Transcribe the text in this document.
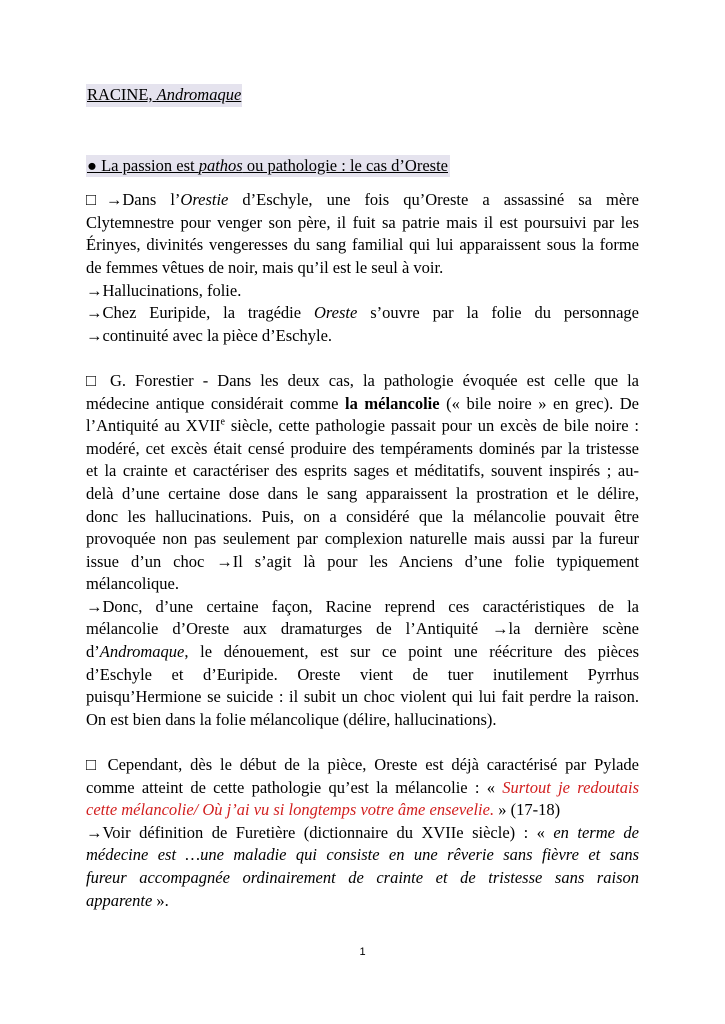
RACINE, Andromaque
● La passion est pathos ou pathologie : le cas d’Oreste
□→Dans l’Orestie d’Eschyle, une fois qu’Oreste a assassiné sa mère
Clytemnestre pour venger son père, il fuit sa patrie mais il est poursuivi par les
Érinyes, divinités vengeresses du sang familial qui lui apparaissent sous la forme
de femmes vêtues de noir, mais qu’il est le seul à voir.
→Hallucinations, folie.
→Chez Euripide, la tragédie Oreste s’ouvre par la folie du personnage
→continuité avec la pièce d’Eschyle.
□ G. Forestier - Dans les deux cas, la pathologie évoquée est celle que la
médecine antique considérait comme la mélancolie (« bile noire » en grec). De
l’Antiquité au XVIIe siècle, cette pathologie passait pour un excès de bile noire :
modéré, cet excès était censé produire des tempéraments dominés par la tristesse
et la crainte et caractériser des esprits sages et méditatifs, souvent inspirés ; au-
delà d’une certaine dose dans le sang apparaissent la prostration et le délire,
donc les hallucinations. Puis, on a considéré que la mélancolie pouvait être
provoquée non pas seulement par complexion naturelle mais aussi par la fureur
issue d’un choc →Il s’agit là pour les Anciens d’une folie typiquement
mélancolique.
→Donc, d’une certaine façon, Racine reprend ces caractéristiques de la
mélancolie d’Oreste aux dramaturges de l’Antiquité →la dernière scène
d’Andromaque, le dénouement, est sur ce point une réécriture des pièces
d’Eschyle et d’Euripide. Oreste vient de tuer inutilement Pyrrhus
puisqu’Hermione se suicide : il subit un choc violent qui lui fait perdre la raison.
On est bien dans la folie mélancolique (délire, hallucinations).
□ Cependant, dès le début de la pièce, Oreste est déjà caractérisé par Pylade
comme atteint de cette pathologie qu’est la mélancolie : « Surtout je redoutais
cette mélancolie/ Où j’ai vu si longtemps votre âme ensevelie. » (17-18)
→Voir définition de Furetière (dictionnaire du XVIIe siècle) : « en terme de
médecine est …une maladie qui consiste en une rêverie sans fièvre et sans
fureur accompagnée ordinairement de crainte et de tristesse sans raison
apparente ».
1
